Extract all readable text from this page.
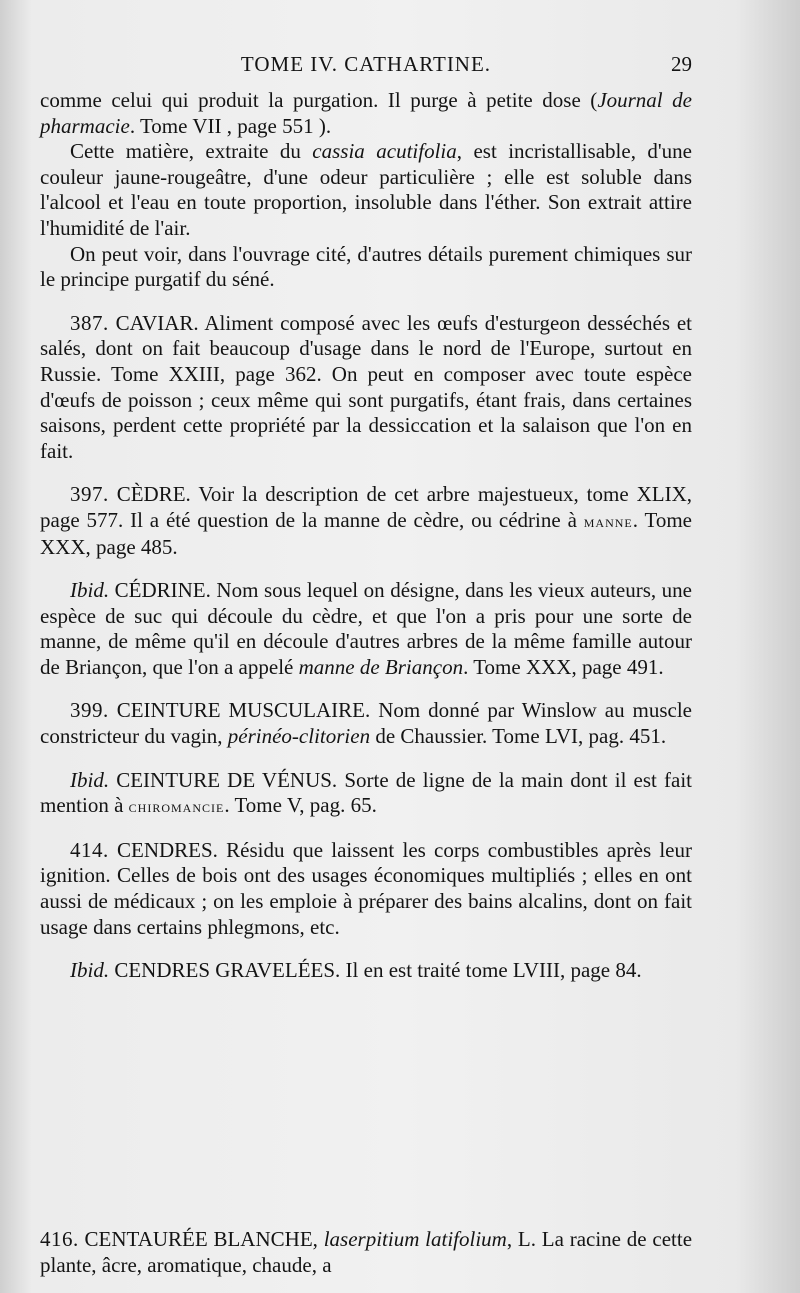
TOME IV. CATHARTINE.	29

comme celui qui produit la purgation. Il purge à petite dose (Journal de pharmacie. Tome VII , page 551 ).

Cette matière, extraite du cassia acutifolia, est incristallisable, d'une couleur jaune-rougeâtre, d'une odeur particulière ; elle est soluble dans l'alcool et l'eau en toute proportion, insoluble dans l'éther. Son extrait attire l'humidité de l'air.

On peut voir, dans l'ouvrage cité, d'autres détails purement chimiques sur le principe purgatif du séné.

387. CAVIAR. Aliment composé avec les œufs d'esturgeon desséchés et salés, dont on fait beaucoup d'usage dans le nord de l'Europe, surtout en Russie. Tome XXIII, page 362. On peut en composer avec toute espèce d'œufs de poisson ; ceux même qui sont purgatifs, étant frais, dans certaines saisons, perdent cette propriété par la dessiccation et la salaison que l'on en fait.

397. CÈDRE. Voir la description de cet arbre majestueux, tome XLIX, page 577. Il a été question de la manne de cèdre, ou cédrine à manne. Tome XXX, page 485.

Ibid. CÉDRINE. Nom sous lequel on désigne, dans les vieux auteurs, une espèce de suc qui découle du cèdre, et que l'on a pris pour une sorte de manne, de même qu'il en découle d'autres arbres de la même famille autour de Briançon, que l'on a appelé manne de Briançon. Tome XXX, page 491.

399. CEINTURE MUSCULAIRE. Nom donné par Winslow au muscle constricteur du vagin, périnéo-clitorien de Chaussier. Tome LVI, pag. 451.

Ibid. CEINTURE DE VÉNUS. Sorte de ligne de la main dont il est fait mention à chiromancie. Tome V, pag. 65.

414. CENDRES. Résidu que laissent les corps combustibles après leur ignition. Celles de bois ont des usages économiques multipliés ; elles en ont aussi de médicaux ; on les emploie à préparer des bains alcalins, dont on fait usage dans certains phlegmons, etc.

Ibid. CENDRES GRAVELÉES. Il en est traité tome LVIII, page 84.

416. CENTAURÉE BLANCHE, laserpitium latifolium, L. La racine de cette plante, âcre, aromatique, chaude, a
